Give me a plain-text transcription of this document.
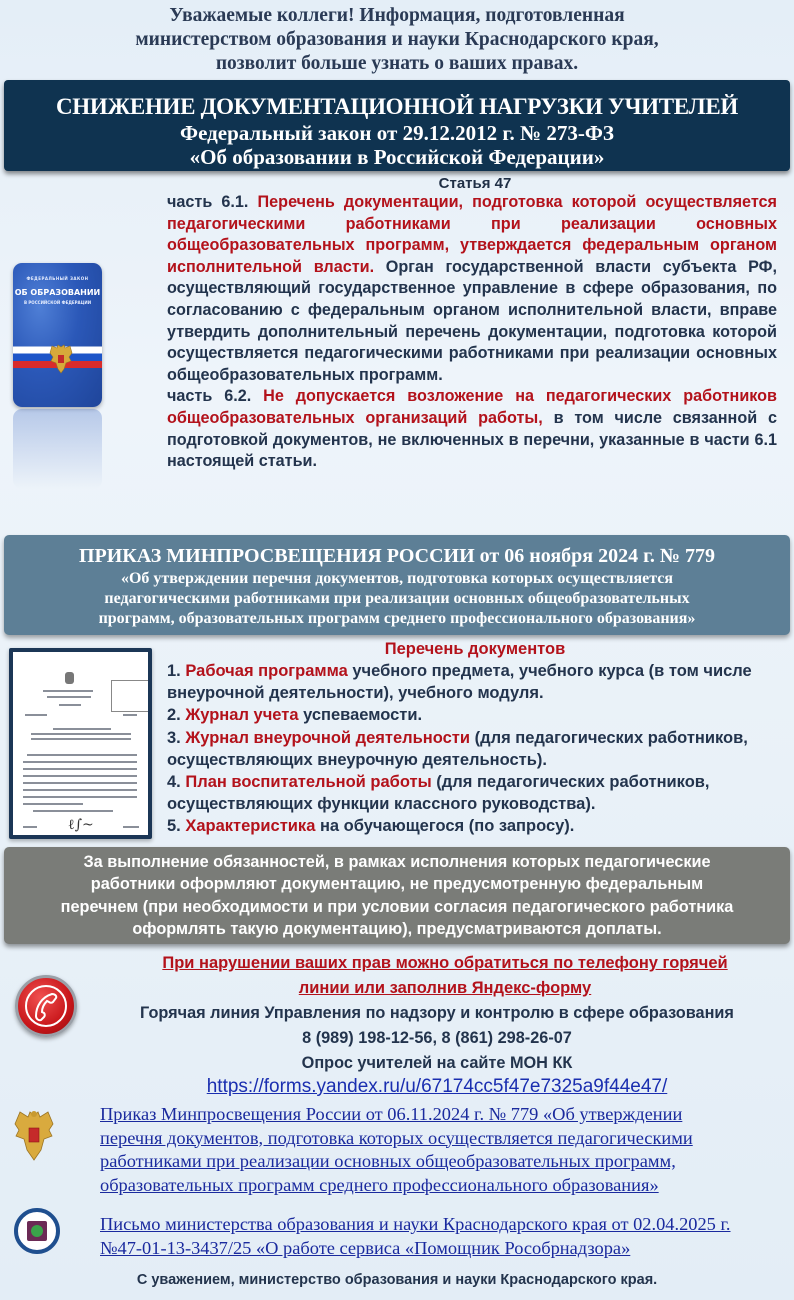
Уважаемые коллеги! Информация, подготовленная
министерством образования и науки Краснодарского края,
позволит больше узнать о ваших правах.
СНИЖЕНИЕ ДОКУМЕНТАЦИОННОЙ НАГРУЗКИ УЧИТЕЛЕЙ
Федеральный закон от 29.12.2012 г. № 273-ФЗ
«Об образовании в Российской Федерации»
ФЕДЕРАЛЬНЫЙ ЗАКОН
ОБ ОБРАЗОВАНИИ
В РОССИЙСКОЙ ФЕДЕРАЦИИ
Статья 47

часть 6.1. Перечень документации, подготовка которой осуществляется педагогическими работниками при реализации основных общеобразовательных программ, утверждается федеральным органом исполнительной власти. Орган государственной власти субъекта РФ, осуществляющий государственное управление в сфере образования, по согласованию с федеральным органом исполнительной власти, вправе утвердить дополнительный перечень документации, подготовка которой осуществляется педагогическими работниками при реализации основных общеобразовательных программ.

часть 6.2. Не допускается возложение на педагогических работников общеобразовательных организаций работы, в том числе связанной с подготовкой документов, не включенных в перечни, указанные в части 6.1 настоящей статьи.

ПРИКАЗ МИНПРОСВЕЩЕНИЯ РОССИИ от 06 ноября 2024 г. № 779
«Об утверждении перечня документов, подготовка которых осуществляется
педагогическими работниками при реализации основных общеобразовательных
программ, образовательных программ среднего профессионального образования»
ℓ∫~
Перечень документов
1. Рабочая программа учебного предмета, учебного курса (в том числе внеурочной деятельности), учебного модуля.
2. Журнал учета успеваемости.
3. Журнал внеурочной деятельности (для педагогических работников, осуществляющих внеурочную деятельность).
4. План воспитательной работы (для педагогических работников, осуществляющих функции классного руководства).
5. Характеристика на обучающегося (по запросу).
За выполнение обязанностей, в рамках исполнения которых педагогические
работники оформляют документацию, не предусмотренную федеральным
перечнем (при необходимости и при условии согласия педагогического работника
оформлять такую документацию), предусматриваются доплаты.
При нарушении ваших прав можно обратиться по телефону горячей
линии или заполнив Яндекс-форму
Горячая линия Управления по надзору и контролю в сфере образования
8 (989) 198-12-56, 8 (861) 298-26-07
Опрос учителей на сайте МОН КК
https://forms.yandex.ru/u/67174cc5f47e7325a9f44e47/
Приказ Минпросвещения России от 06.11.2024 г. № 779 «Об утверждении
перечня документов, подготовка которых осуществляется педагогическими
работниками при реализации основных общеобразовательных программ,
образовательных программ среднего профессионального образования»
Письмо министерства образования и науки Краснодарского края от 02.04.2025 г.
№47-01-13-3437/25 «О работе сервиса «Помощник Рособрнадзора»
С уважением, министерство образования и науки Краснодарского края.
